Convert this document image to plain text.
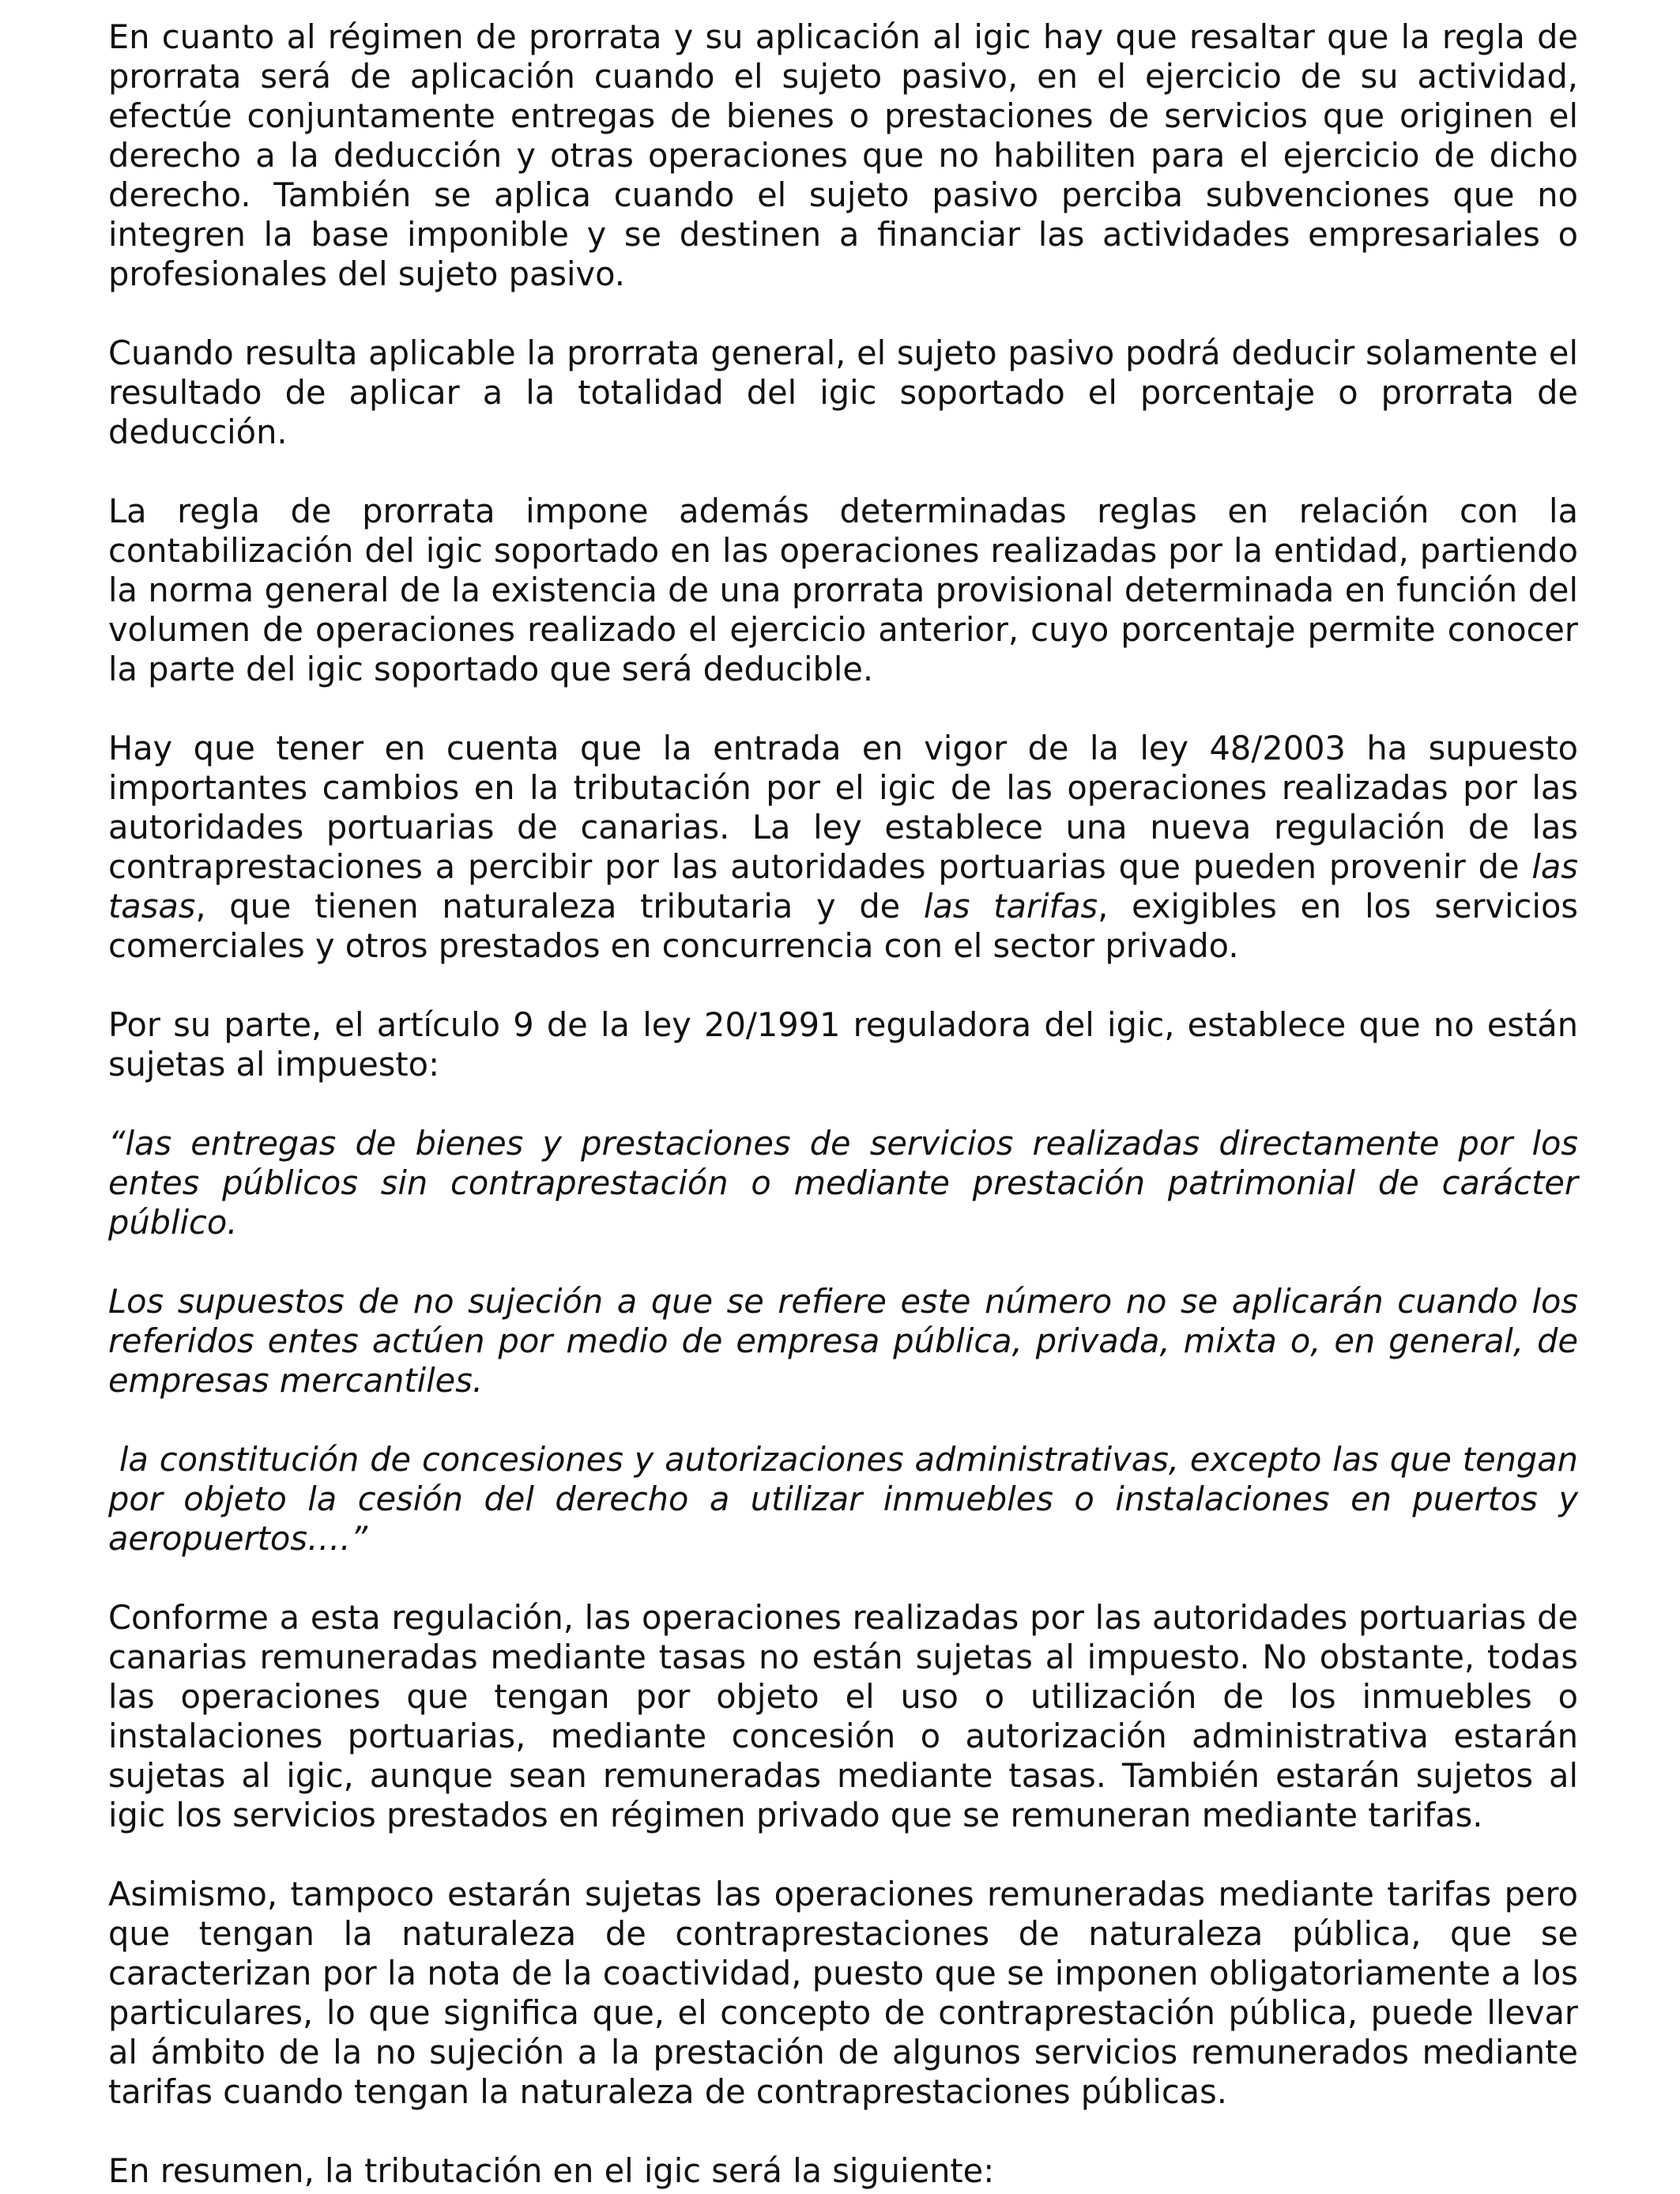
En cuanto al régimen de prorrata y su aplicación al igic hay que resaltar que la regla de prorrata será de aplicación cuando el sujeto pasivo, en el ejercicio de su actividad, efectúe conjuntamente entregas de bienes o prestaciones de servicios que originen el derecho a la deducción y otras operaciones que no habiliten para el ejercicio de dicho derecho. También se aplica cuando el sujeto pasivo perciba subvenciones que no integren la base imponible y se destinen a financiar las actividades empresariales o profesionales del sujeto pasivo.

Cuando resulta aplicable la prorrata general, el sujeto pasivo podrá deducir solamente el resultado de aplicar a la totalidad del igic soportado el porcentaje o prorrata de deducción.

La regla de prorrata impone además determinadas reglas en relación con la contabilización del igic soportado en las operaciones realizadas por la entidad, partiendo la norma general de la existencia de una prorrata provisional determinada en función del volumen de operaciones realizado el ejercicio anterior, cuyo porcentaje permite conocer la parte del igic soportado que será deducible.

Hay que tener en cuenta que la entrada en vigor de la ley 48/2003 ha supuesto importantes cambios en la tributación por el igic de las operaciones realizadas por las autoridades portuarias de canarias. La ley establece una nueva regulación de las contraprestaciones a percibir por las autoridades portuarias que pueden provenir de las tasas, que tienen naturaleza tributaria y de las tarifas, exigibles en los servicios comerciales y otros prestados en concurrencia con el sector privado.

Por su parte, el artículo 9 de la ley 20/1991 reguladora del igic, establece que no están sujetas al impuesto:

“las entregas de bienes y prestaciones de servicios realizadas directamente por los entes públicos sin contraprestación o mediante prestación patrimonial de carácter público.

Los supuestos de no sujeción a que se refiere este número no se aplicarán cuando los referidos entes actúen por medio de empresa pública, privada, mixta o, en general, de empresas mercantiles.

la constitución de concesiones y autorizaciones administrativas, excepto las que tengan por objeto la cesión del derecho a utilizar inmuebles o instalaciones en puertos y aeropuertos….”

Conforme a esta regulación, las operaciones realizadas por las autoridades portuarias de canarias remuneradas mediante tasas no están sujetas al impuesto. No obstante, todas las operaciones que tengan por objeto el uso o utilización de los inmuebles o instalaciones portuarias, mediante concesión o autorización administrativa estarán sujetas al igic, aunque sean remuneradas mediante tasas. También estarán sujetos al igic los servicios prestados en régimen privado que se remuneran mediante tarifas.

Asimismo, tampoco estarán sujetas las operaciones remuneradas mediante tarifas pero que tengan la naturaleza de contraprestaciones de naturaleza pública, que se caracterizan por la nota de la coactividad, puesto que se imponen obligatoriamente a los particulares, lo que significa que, el concepto de contraprestación pública, puede llevar al ámbito de la no sujeción a la prestación de algunos servicios remunerados mediante tarifas cuando tengan la naturaleza de contraprestaciones públicas.

En resumen, la tributación en el igic será la siguiente:
